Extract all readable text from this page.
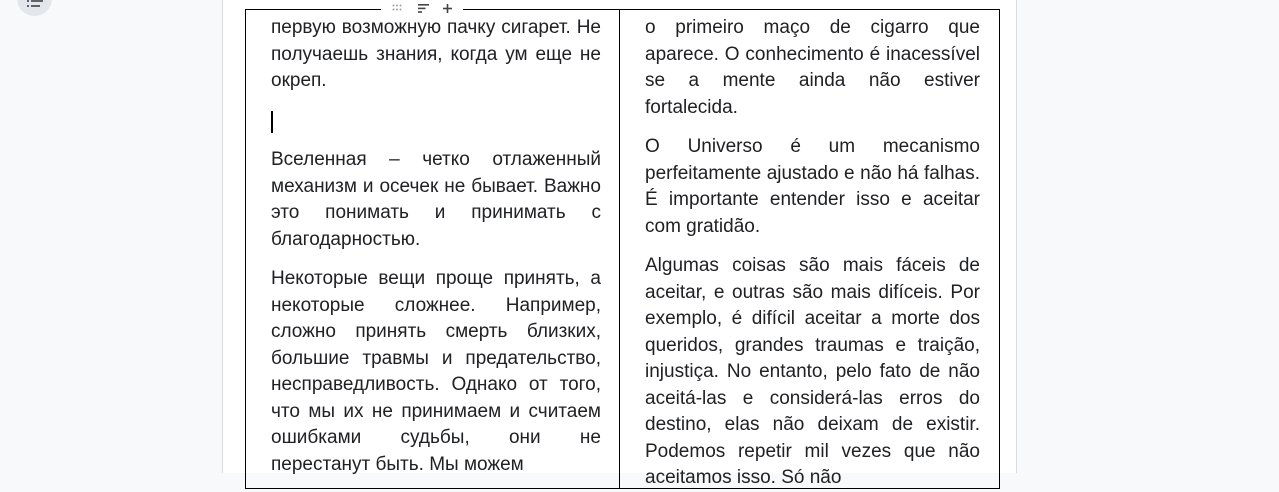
первую возможную пачку сигарет. Не получаешь знания, когда ум еще не окреп.

Вселенная – четко отлаженный механизм и осечек не бывает. Важно это понимать и принимать с благодарностью.

Некоторые вещи проще принять, а некоторые сложнее. Например, сложно принять смерть близких, большие травмы и предательство, несправедливость. Однако от того, что мы их не принимаем и считаем ошибками судьбы, они не перестанут быть. Мы можем

o primeiro maço de cigarro que aparece. O conhecimento é inacessível se a mente ainda não estiver fortalecida.

O Universo é um mecanismo perfeitamente ajustado e não há falhas. É importante entender isso e aceitar com gratidão.

Algumas coisas são mais fáceis de aceitar, e outras são mais difíceis. Por exemplo, é difícil aceitar a morte dos queridos, grandes traumas e traição, injustiça. No entanto, pelo fato de não aceitá-las e considerá-las erros do destino, elas não deixam de existir. Podemos repetir mil vezes que não aceitamos isso. Só não
